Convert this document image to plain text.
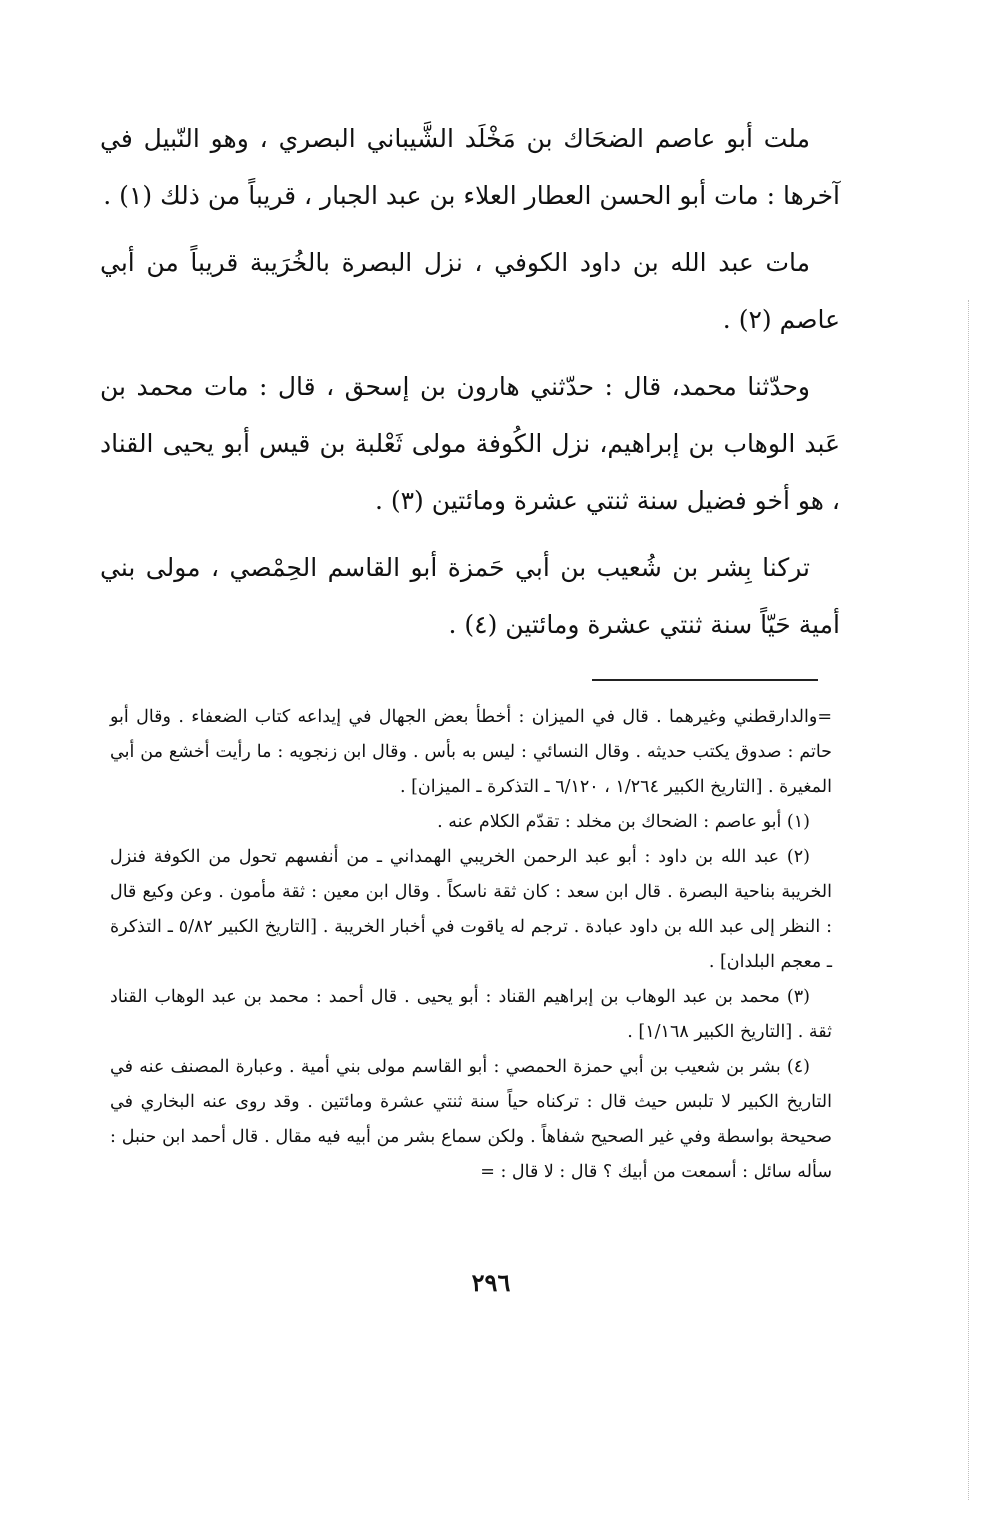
ملت أبو عاصم الضحَاك بن مَخْلَد الشَّيباني البصري ، وهو النّبيل في آخرها : مات أبو الحسن العطار العلاء بن عبد الجبار ، قريباً من ذلك (١) .

مات عبد الله بن داود الكوفي ، نزل البصرة بالخُرَيبة قريباً من أبي عاصم (٢) .

وحدّثنا محمد، قال : حدّثني هارون بن إسحق ، قال : مات محمد بن عَبد الوهاب بن إبراهيم، نزل الكُوفة مولى ثَعْلبة بن قيس أبو يحيى القناد ، هو أخو فضيل سنة ثنتي عشرة ومائتين (٣) .

تركنا بِشر بن شُعيب بن أبي حَمزة أبو القاسم الحِمْصي ، مولى بني أمية حَيّاً سنة ثنتي عشرة ومائتين (٤) .

=والدارقطني وغيرهما . قال في الميزان : أخطأ بعض الجهال في إيداعه كتاب الضعفاء . وقال أبو حاتم : صدوق يكتب حديثه . وقال النسائي : ليس به بأس . وقال ابن زنجويه : ما رأيت أخشع من أبي المغيرة . [التاريخ الكبير ١/٢٦٤ ، ٦/١٢٠ ـ التذكرة ـ الميزان] .

(١) أبو عاصم : الضحاك بن مخلد : تقدّم الكلام عنه .

(٢) عبد الله بن داود : أبو عبد الرحمن الخريبي الهمداني ـ من أنفسهم تحول من الكوفة فنزل الخريبة بناحية البصرة . قال ابن سعد : كان ثقة ناسكاً . وقال ابن معين : ثقة مأمون . وعن وكيع قال : النظر إلى عبد الله بن داود عبادة . ترجم له ياقوت في أخبار الخريبة . [التاريخ الكبير ٥/٨٢ ـ التذكرة ـ معجم البلدان] .

(٣) محمد بن عبد الوهاب بن إبراهيم القناد : أبو يحيى . قال أحمد : محمد بن عبد الوهاب القناد ثقة . [التاريخ الكبير ١/١٦٨] .

(٤) بشر بن شعيب بن أبي حمزة الحمصي : أبو القاسم مولى بني أمية . وعبارة المصنف عنه في التاريخ الكبير لا تلبس حيث قال : تركناه حياً سنة ثنتي عشرة ومائتين . وقد روى عنه البخاري في صحيحة بواسطة وفي غير الصحيح شفاهاً . ولكن سماع بشر من أبيه فيه مقال . قال أحمد ابن حنبل : سأله سائل : أسمعت من أبيك ؟ قال : لا قال : =

٢٩٦
